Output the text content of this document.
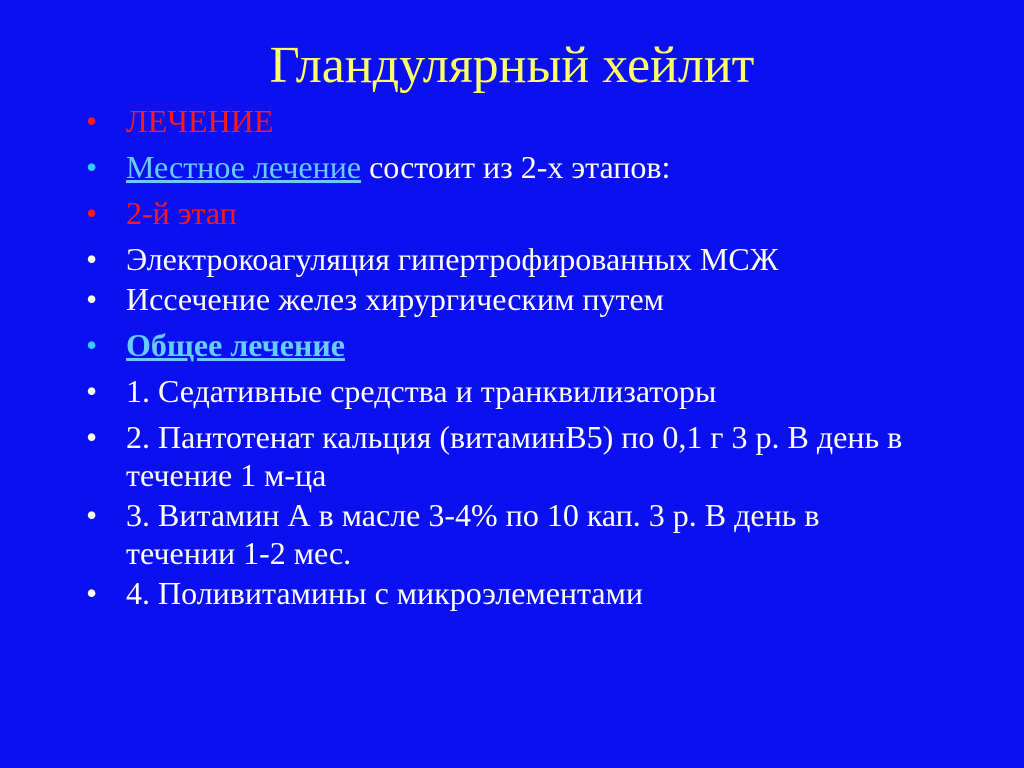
Гландулярный хейлит
• ЛЕЧЕНИЕ
• Местное лечение состоит из 2-х этапов:
• 2-й этап
• Электрокоагуляция гипертрофированных МСЖ
• Иссечение желез хирургическим путем
• Общее лечение
• 1. Седативные средства и транквилизаторы
• 2. Пантотенат кальция (витаминB5) по 0,1 г 3 р. В день в течение 1 м-ца
• 3. Витамин А в масле 3-4% по 10 кап. 3 р. В день в течении 1-2 мес.
• 4. Поливитамины с микроэлементами
